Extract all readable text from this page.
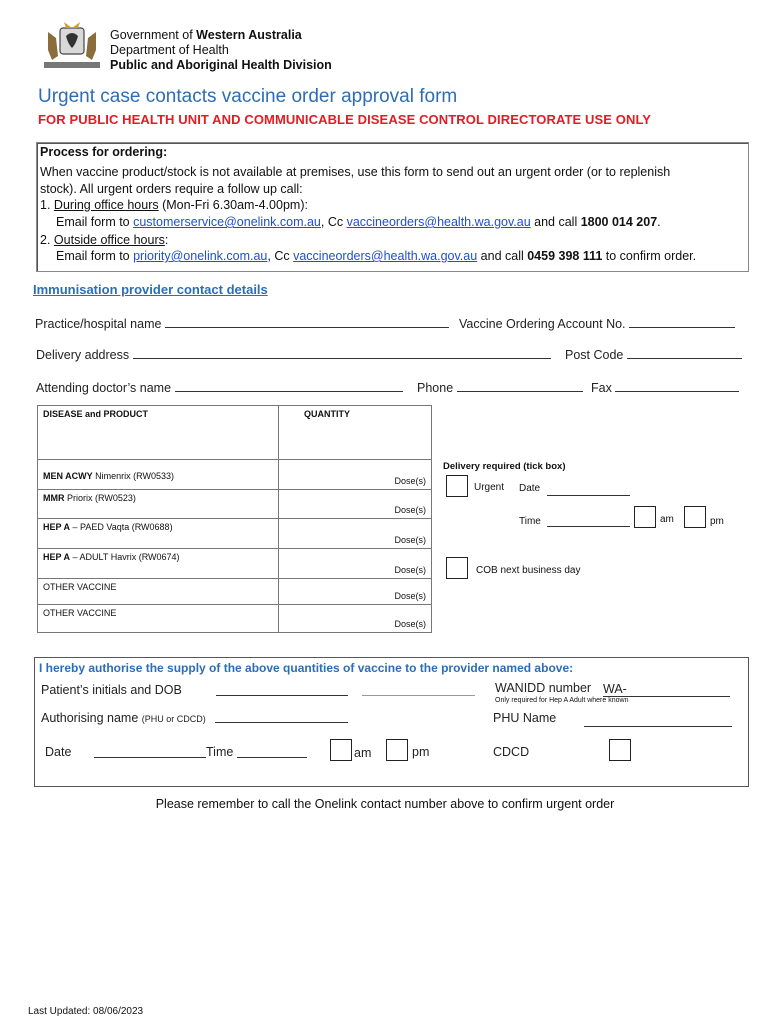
Government of Western Australia
Department of Health
Public and Aboriginal Health Division
Urgent case contacts vaccine order approval form
FOR PUBLIC HEALTH UNIT AND COMMUNICABLE DISEASE CONTROL DIRECTORATE USE ONLY
Process for ordering:
When vaccine product/stock is not available at premises, use this form to send out an urgent order (or to replenish
stock). All urgent orders require a follow up call:
1. During office hours (Mon-Fri 6.30am-4.00pm):
Email form to customerservice@onelink.com.au, Cc vaccineorders@health.wa.gov.au and call 1800 014 207.
2. Outside office hours:
Email form to priority@onelink.com.au, Cc vaccineorders@health.wa.gov.au and call 0459 398 111 to confirm order.
Immunisation provider contact details
Practice/hospital name	Vaccine Ordering Account No.
Delivery address	Post Code
Attending doctor’s name	Phone	Fax
DISEASE and PRODUCT	QUANTITY
MEN ACWY Nimenrix (RW0533)	Dose(s)
MMR Priorix (RW0523)	Dose(s)
HEP A – PAED Vaqta (RW0688)	Dose(s)
HEP A – ADULT Havrix (RW0674)	Dose(s)
OTHER VACCINE	Dose(s)
OTHER VACCINE	Dose(s)
Delivery required (tick box)
Urgent Date
Time	am	pm
COB next business day
I hereby authorise the supply of the above quantities of vaccine to the provider named above:
Patient’s initials and DOB	WANIDD number WA-
Only required for Hep A Adult where known
Authorising name (PHU or CDCD)	PHU Name
Date	Time	am	pm	CDCD
Please remember to call the Onelink contact number above to confirm urgent order
Last Updated: 08/06/2023
